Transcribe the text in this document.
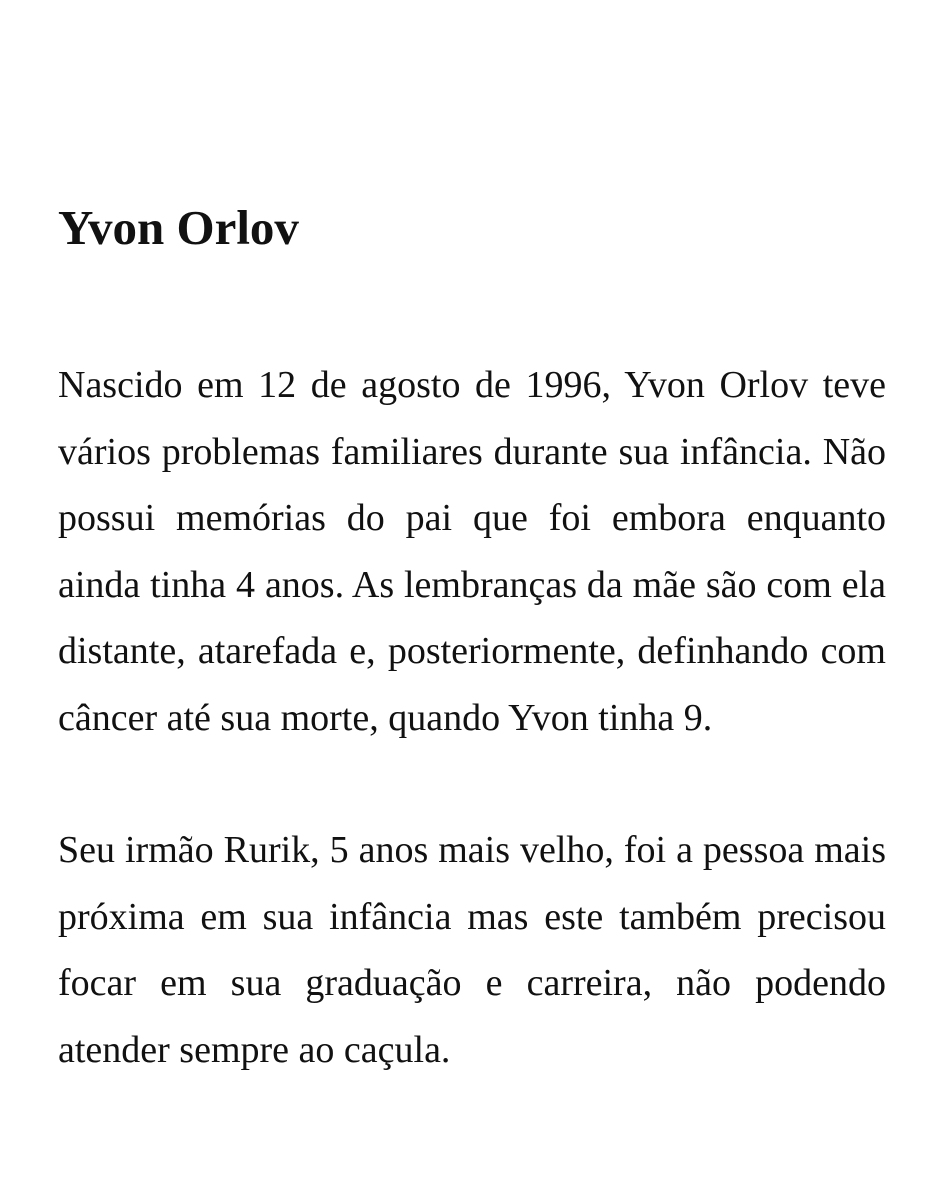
Yvon Orlov

Nascido em 12 de agosto de 1996, Yvon Orlov teve vários problemas familiares durante sua infância. Não possui memórias do pai que foi embora enquanto ainda tinha 4 anos. As lembranças da mãe são com ela distante, atarefada e, posteriormente, definhando com câncer até sua morte, quando Yvon tinha 9.

Seu irmão Rurik, 5 anos mais velho, foi a pessoa mais próxima em sua infância mas este também precisou focar em sua graduação e carreira, não podendo atender sempre ao caçula.
